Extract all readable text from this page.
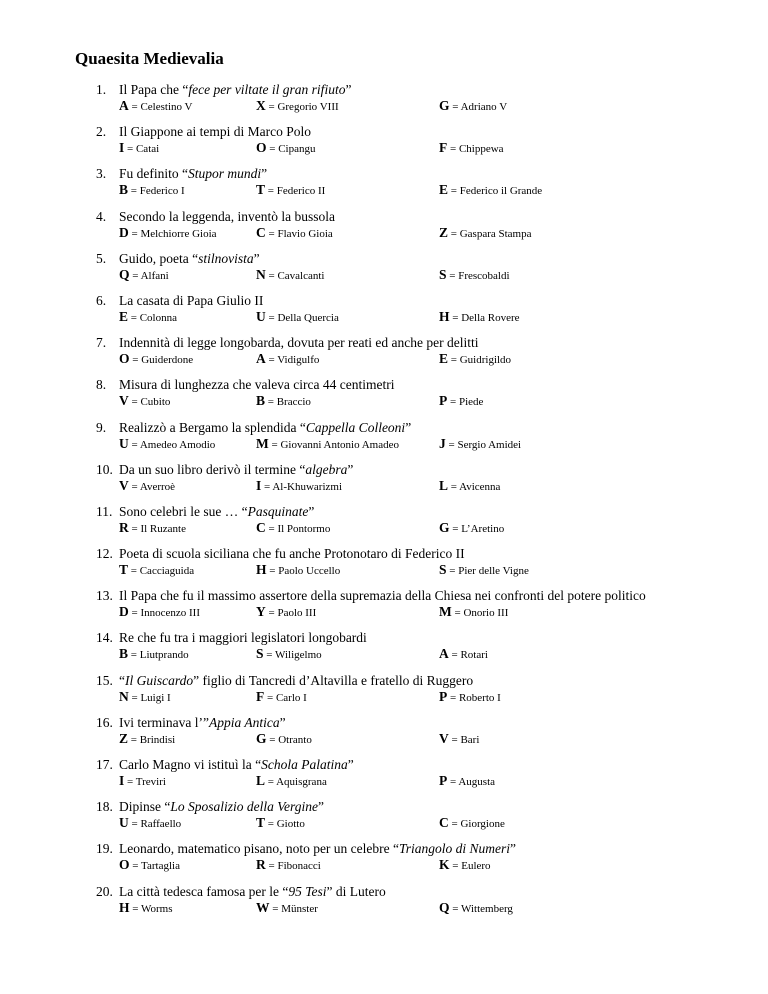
Quaesita Medievalia
1. Il Papa che “fece per viltate il gran rifiuto”
A = Celestino V	X = Gregorio VIII	G = Adriano V
2. Il Giappone ai tempi di Marco Polo
I = Catai	O = Cipangu	F = Chippewa
3. Fu definito “Stupor mundi”
B = Federico I	T = Federico II	E = Federico il Grande
4. Secondo la leggenda, inventò la bussola
D = Melchiorre Gioia	C = Flavio Gioia	Z = Gaspara Stampa
5. Guido, poeta “stilnovista”
Q = Alfani	N = Cavalcanti	S = Frescobaldi
6. La casata di Papa Giulio II
E = Colonna	U = Della Quercia	H = Della Rovere
7. Indennità di legge longobarda, dovuta per reati ed anche per delitti
O = Guiderdone	A = Vidigulfo	E = Guidrigildo
8. Misura di lunghezza che valeva circa 44 centimetri
V = Cubito	B = Braccio	P = Piede
9. Realizzò a Bergamo la splendida “Cappella Colleoni”
U = Amedeo Amodio	M = Giovanni Antonio Amadeo	J = Sergio Amidei
10. Da un suo libro derivò il termine “algebra”
V = Averroè	I = Al-Khuwarizmi	L = Avicenna
11. Sono celebri le sue … “Pasquinate”
R = Il Ruzante	C = Il Pontormo	G = L’Aretino
12. Poeta di scuola siciliana che fu anche Protonotaro di Federico II
T = Cacciaguida	H = Paolo Uccello	S = Pier delle Vigne
13. Il Papa che fu il massimo assertore della supremazia della Chiesa nei confronti del potere politico
D = Innocenzo III	Y = Paolo III	M = Onorio III
14. Re che fu tra i maggiori legislatori longobardi
B = Liutprando	S = Wiligelmo	A = Rotari
15. “Il Guiscardo” figlio di Tancredi d’Altavilla e fratello di Ruggero
N = Luigi I	F = Carlo I	P = Roberto I
16. Ivi terminava l’”Appia Antica”
Z = Brindisi	G = Otranto	V = Bari
17. Carlo Magno vi istituì la “Schola Palatina”
I = Treviri	L = Aquisgrana	P = Augusta
18. Dipinse “Lo Sposalizio della Vergine”
U = Raffaello	T = Giotto	C = Giorgione
19. Leonardo, matematico pisano, noto per un celebre “Triangolo di Numeri”
O = Tartaglia	R = Fibonacci	K = Eulero
20. La città tedesca famosa per le “95 Tesi” di Lutero
H = Worms	W = Münster	Q = Wittemberg
